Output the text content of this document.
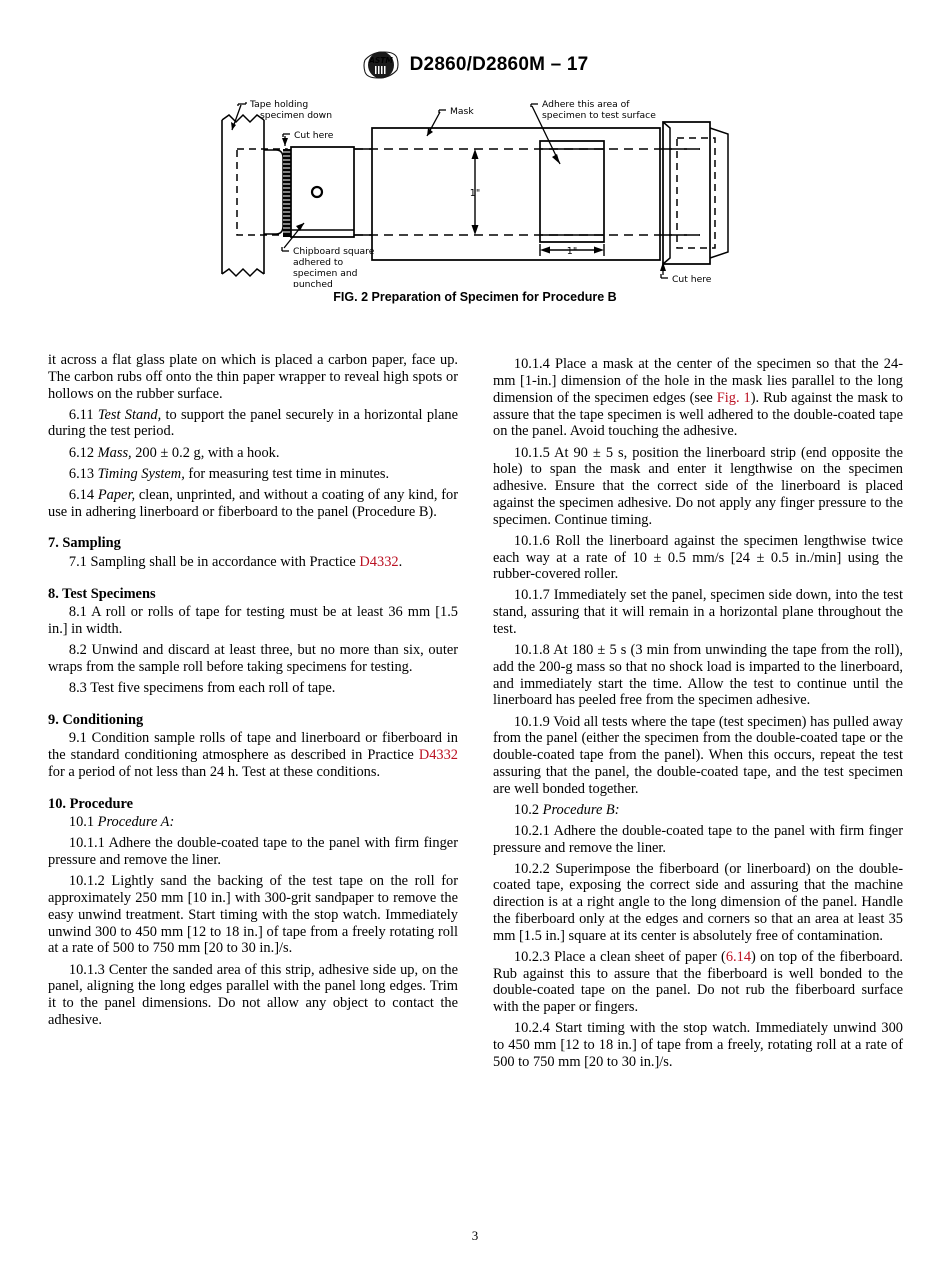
ASTM D2860/D2860M – 17
Tape holding
specimen down
Cut here
Chipboard square
adhered to
specimen and
punched
Mask
Adhere this area of
specimen to test surface
Cut here
1"
1"
FIG. 2 Preparation of Specimen for Procedure B

it across a flat glass plate on which is placed a carbon paper, face up. The carbon rubs off onto the thin paper wrapper to reveal high spots or hollows on the rubber surface.

6.11 Test Stand, to support the panel securely in a horizontal plane during the test period.

6.12 Mass, 200 ± 0.2 g, with a hook.

6.13 Timing System, for measuring test time in minutes.

6.14 Paper, clean, unprinted, and without a coating of any kind, for use in adhering linerboard or fiberboard to the panel (Procedure B).

7. Sampling

7.1 Sampling shall be in accordance with Practice D4332.

8. Test Specimens

8.1 A roll or rolls of tape for testing must be at least 36 mm [1.5 in.] in width.

8.2 Unwind and discard at least three, but no more than six, outer wraps from the sample roll before taking specimens for testing.

8.3 Test five specimens from each roll of tape.

9. Conditioning

9.1 Condition sample rolls of tape and linerboard or fiberboard in the standard conditioning atmosphere as described in Practice D4332 for a period of not less than 24 h. Test at these conditions.

10. Procedure

10.1 Procedure A:

10.1.1 Adhere the double-coated tape to the panel with firm finger pressure and remove the liner.

10.1.2 Lightly sand the backing of the test tape on the roll for approximately 250 mm [10 in.] with 300-grit sandpaper to remove the easy unwind treatment. Start timing with the stop watch. Immediately unwind 300 to 450 mm [12 to 18 in.] of tape from a freely rotating roll at a rate of 500 to 750 mm [20 to 30 in.]/s.

10.1.3 Center the sanded area of this strip, adhesive side up, on the panel, aligning the long edges parallel with the panel long edges. Trim it to the panel dimensions. Do not allow any object to contact the adhesive.

10.1.4 Place a mask at the center of the specimen so that the 24-mm [1-in.] dimension of the hole in the mask lies parallel to the long dimension of the specimen edges (see Fig. 1). Rub against the mask to assure that the tape specimen is well adhered to the double-coated tape on the panel. Avoid touching the adhesive.

10.1.5 At 90 ± 5 s, position the linerboard strip (end opposite the hole) to span the mask and enter it lengthwise on the specimen adhesive. Ensure that the correct side of the linerboard is placed against the specimen adhesive. Do not apply any finger pressure to the specimen. Continue timing.

10.1.6 Roll the linerboard against the specimen lengthwise twice each way at a rate of 10 ± 0.5 mm/s [24 ± 0.5 in./min] using the rubber-covered roller.

10.1.7 Immediately set the panel, specimen side down, into the test stand, assuring that it will remain in a horizontal plane throughout the test.

10.1.8 At 180 ± 5 s (3 min from unwinding the tape from the roll), add the 200-g mass so that no shock load is imparted to the linerboard, and immediately start the time. Allow the test to continue until the linerboard has peeled free from the specimen adhesive.

10.1.9 Void all tests where the tape (test specimen) has pulled away from the panel (either the specimen from the double-coated tape or the double-coated tape from the panel). When this occurs, repeat the test assuring that the panel, the double-coated tape, and the test specimen are well bonded together.

10.2 Procedure B:

10.2.1 Adhere the double-coated tape to the panel with firm finger pressure and remove the liner.

10.2.2 Superimpose the fiberboard (or linerboard) on the double-coated tape, exposing the correct side and assuring that the machine direction is at a right angle to the long dimension of the panel. Handle the fiberboard only at the edges and corners so that an area at least 35 mm [1.5 in.] square at its center is absolutely free of contamination.

10.2.3 Place a clean sheet of paper (6.14) on top of the fiberboard. Rub against this to assure that the fiberboard is well bonded to the double-coated tape on the panel. Do not rub the fiberboard surface with the paper or fingers.

10.2.4 Start timing with the stop watch. Immediately unwind 300 to 450 mm [12 to 18 in.] of tape from a freely, rotating roll at a rate of 500 to 750 mm [20 to 30 in.]/s.

3
